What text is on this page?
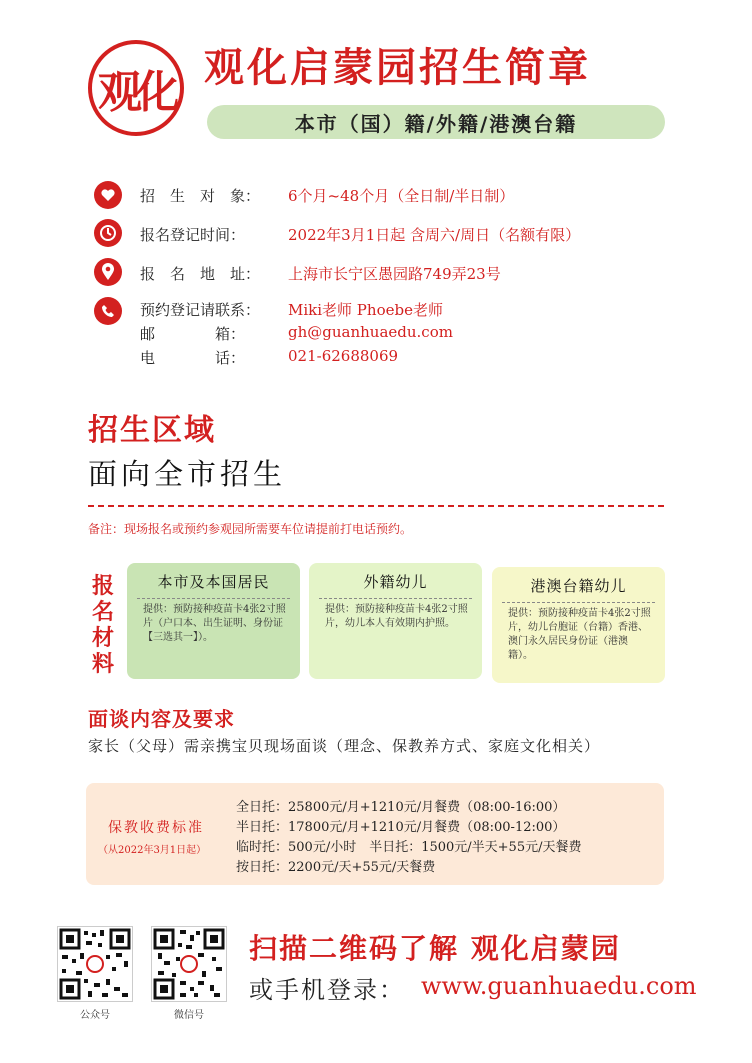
观化 观化启蒙园招生简章
本市（国）籍/外籍/港澳台籍
招　生　对　象： 6个月~48个月（全日制/半日制）
报名登记时间：	2022年3月1日起 含周六/周日（名额有限）
报　名　地　址： 上海市长宁区愚园路749弄23号
预约登记请联系： Miki老师 Phoebe老师
邮　　　　箱：	gh@guanhuaedu.com
电　　　　话：	021-62688069
招生区域
面向全市招生
备注：现场报名或预约参观园所需要车位请提前打电话预约。
报名材料
本市及本国居民
提供：预防接种疫苗卡4张2寸照片（户口本、出生证明、身份证【三选其一】）。
外籍幼儿
提供：预防接种疫苗卡4张2寸照片，幼儿本人有效期内护照。
港澳台籍幼儿
提供：预防接种疫苗卡4张2寸照片，幼儿台胞证（台籍）香港、澳门永久居民身份证（港澳籍）。
面谈内容及要求
家长（父母）需亲携宝贝现场面谈（理念、保教养方式、家庭文化相关）
保教收费标准
（从2022年3月1日起）
全日托：25800元/月+1210元/月餐费（08:00-16:00）
半日托：17800元/月+1210元/月餐费（08:00-12:00）
临时托：500元/小时　半日托：1500元/半天+55元/天餐费
按日托：2200元/天+55元/天餐费
公众号	微信号
扫描二维码了解 观化启蒙园
或手机登录： www.guanhuaedu.com
